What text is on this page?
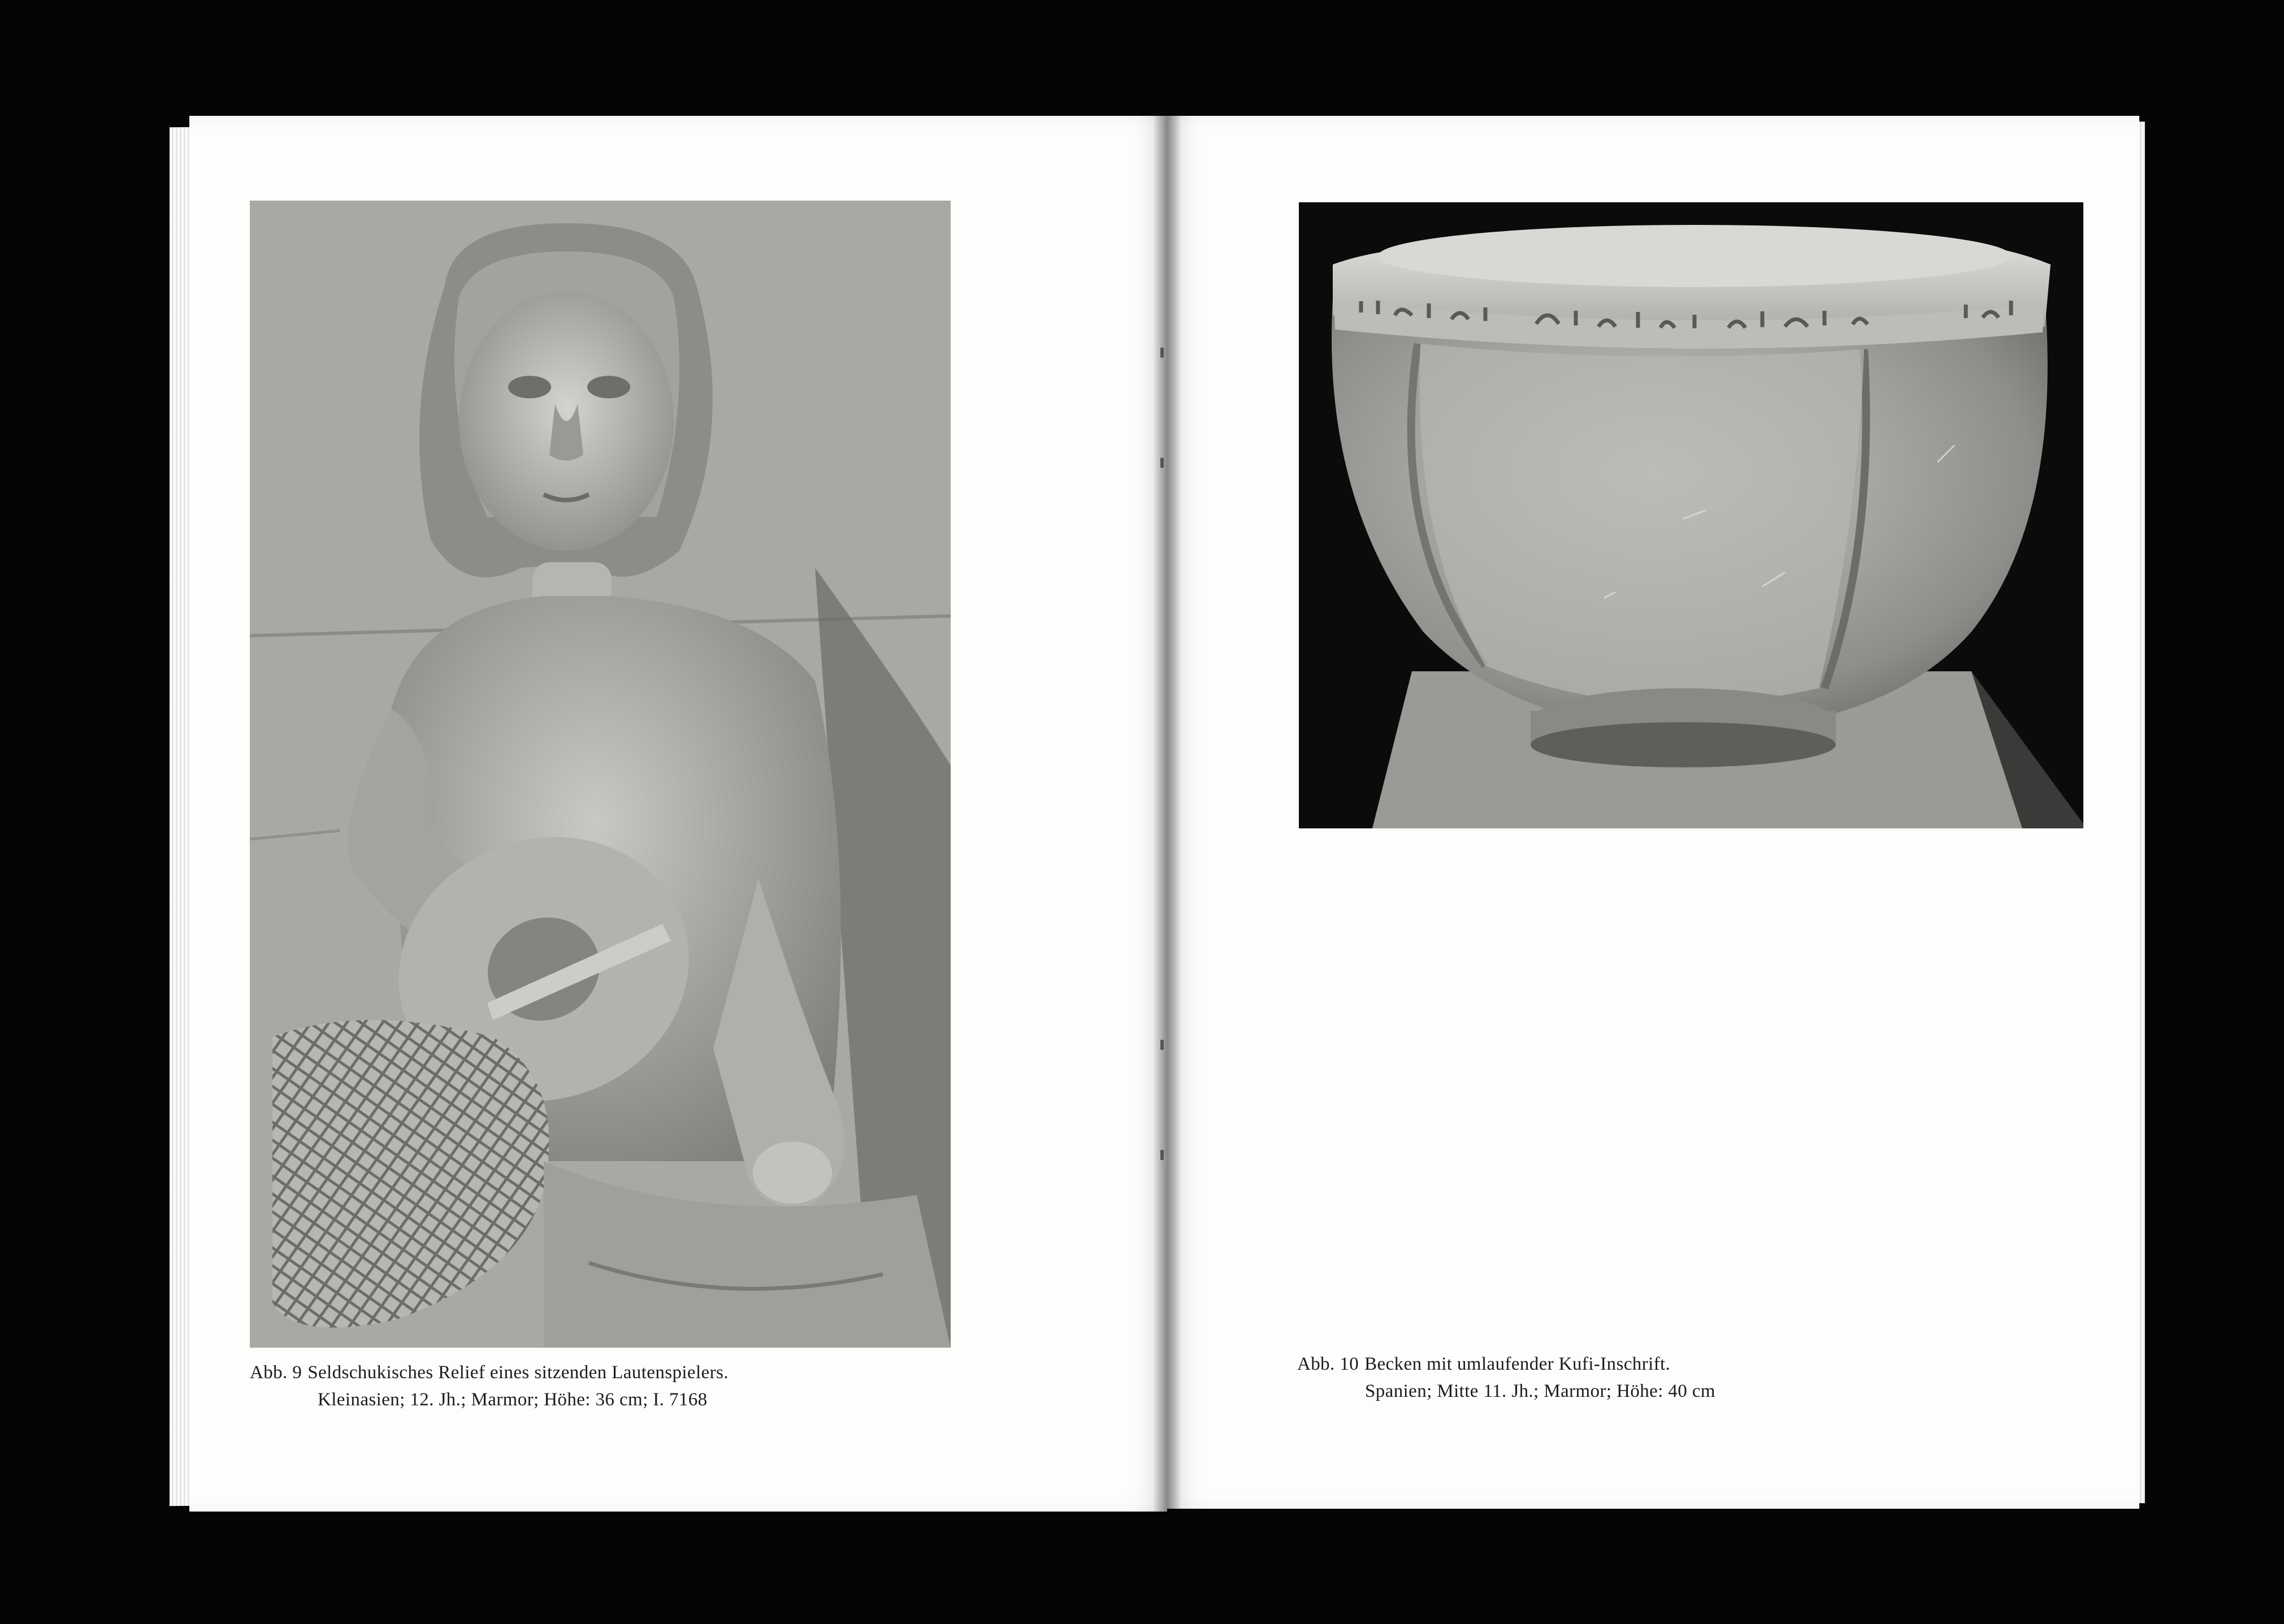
Abb. 9 Seldschukisches Relief eines sitzenden Lautenspielers.
Kleinasien; 12. Jh.; Marmor; Höhe: 36 cm; I. 7168
Abb. 10 Becken mit umlaufender Kufi-Inschrift.
Spanien; Mitte 11. Jh.; Marmor; Höhe: 40 cm
